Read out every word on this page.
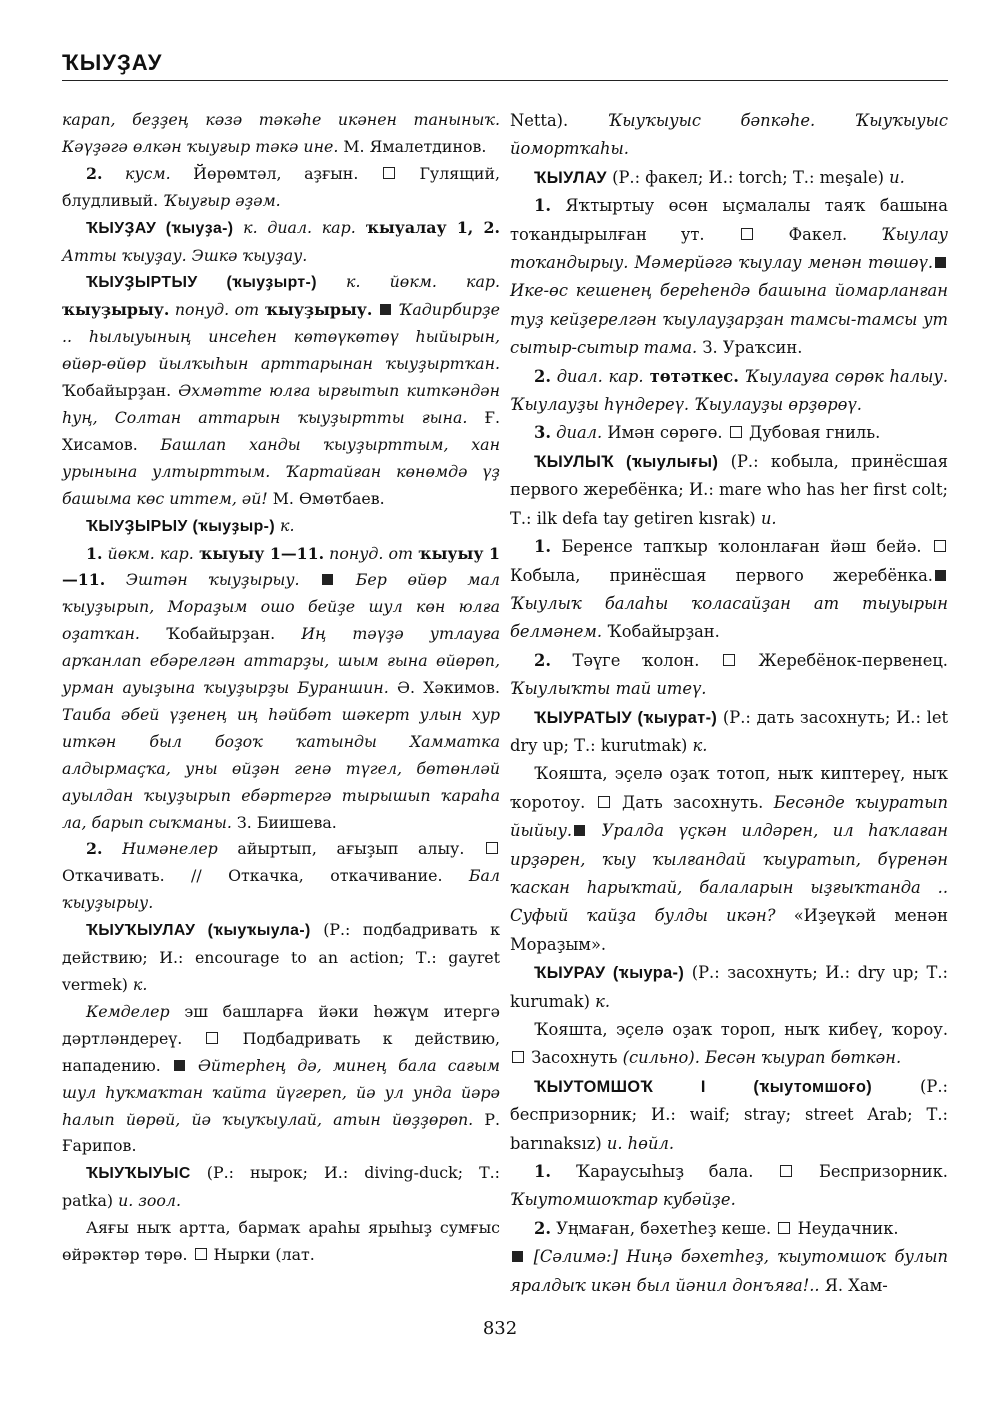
ҠЫУҘАУ

карап, беҙҙең кәзә тәкәһе икәнен таныныҡ. Кәүҙәгә өлкән ҡыуғыр тәкә ине. М. Ямалетдинов.

2. кусм. Йөрөмтәл, аҙғын.  Гулящий, блудливый. Ҡыуғыр әҙәм.

ҠЫУҘАУ (ҡыуҙа-) к. диал. кар. ҡыуалау 1, 2. Атты ҡыуҙау. Эшкә ҡыуҙау.

ҠЫУҘЫРТЫУ (ҡыуҙырт-) к. йөкм. кар. ҡыуҙырыу. понуд. от ҡыуҙырыу.  Ҡадирбирҙе .. һылыуының инсеһен көтөүкөтөү һыйырын, өйөр-өйөр йылҡыһын арттарынан ҡыуҙыртҡан. Ҡобайырҙан. Әхмәтте юлға ырғытып киткәндән һуң, Солтан аттарын ҡыуҙыртты ғына. Ғ. Хисамов. Башлап ханды ҡыуҙырттым, хан урынына ултырттым. Ҡартайған көнөмдә үҙ башыма көс иттем, әй! М. Өмөтбаев.

ҠЫУҘЫРЫУ (ҡыуҙыр-) к.

1. йөкм. кар. ҡыуыу 1—11. понуд. от ҡыуыу 1—11. Эштән ҡыуҙырыу.  Бер өйөр мал ҡыуҙырып, Мораҙым ошо бейҙе шул көн юлға оҙатҡан. Ҡобайырҙан. Иң тәүҙә утлауға арҡанлап ебәрелгән аттарҙы, шым ғына өйөрөп, урман ауыҙына ҡыуҙырҙы Бураншин. Ә. Хәкимов. Таиба әбей үҙенең иң һәйбәт шәкерт улын хур иткән был боҙоҡ ҡатынды Хамматка алдырмаҫҡа, уны өйҙән генә түгел, бөтөнләй ауылдан ҡыуҙырып ебәртергә тырышып ҡараһа ла, барып сыҡманы. З. Биишева.

2. Нимәнелер айыртып, ағыҙып алыу.  Откачивать. // Откачка, откачивание. Бал ҡыуҙырыу.

ҠЫУҠЫУЛАУ (ҡыуҡыула-) (Р.: подбадривать к действию; И.: encourage to an action; Т.: gayret vermek) к.

Кемделер эш башларға йәки һөжүм итергә дәртләндереү.  Подбадривать к действию, нападению.  Әйтерһең дә, минең бала сағым шул һуҡмаҡтан ҡайта йүгереп, йә ул унда йәрә һалып йөрөй, йә ҡыуҡыулай, атын йөҙҙөрөп. Р. Ғарипов.

ҠЫУҠЫУЫС (Р.: нырок; И.: diving-duck; Т.: patka) и. зоол.

Аяғы ныҡ артта, бармаҡ араһы ярыһыҙ сумғыс өйрәктәр төрө.  Нырки (лат.

Netta). Ҡыуҡыуыс бәпкәһе. Ҡыуҡыуыс йомортҡаһы.

ҠЫУЛАУ (Р.: факел; И.: torch; Т.: meşale) и.

1. Яҡтыртыу өсөн ыҫмалалы таяҡ башына тоҡандырылған ут.	Факел. Ҡыулау тоҡандырыу. Мәмерйәгә ҡыулау менән төшөү. Ике-өс кешенең береһендә башына йомарланған туҙ кейҙерелгән ҡыулауҙарҙан тамсы-тамсы ут сытыр-сытыр тама. З. Ураҡсин.

2. диал. кар. төтәткес. Ҡыулауға сөрөк һалыу. Ҡыулауҙы һүндереү. Ҡыулауҙы өрҙөрөү.

3. диал. Имән сөрөгө.  Дубовая гниль.

ҠЫУЛЫҠ (ҡыулығы) (Р.: кобыла, принёсшая первого жеребёнка; И.: mare who has her first colt; Т.: ilk defa tay getiren kısrak) и.

1. Беренсе тапҡыр ҡолонлаған йәш бейә.  Кобыла, принёсшая первого жеребёнка. Ҡыулыҡ балаһы ҡоласайҙан ат тыуырын белмәнем. Ҡобайырҙан.

2. Тәүге ҡолон.  Жеребёнок-первенец. Ҡыулыҡты тай итеү.

ҠЫУРАТЫУ (ҡыурат-) (Р.: дать засохнуть; И.: let dry up; Т.: kurutmak) к.

Ҡояшта, эҫелә оҙаҡ тотоп, ныҡ киптереү, ныҡ ҡоротоу.  Дать засохнуть. Бесәнде ҡыуратып йыйыу. Уралда үҫкән илдәрен, ил һаҡлаған ирҙәрен, ҡыу ҡылғандай ҡыуратып, бүренән ҡаскан һарыҡтай, балаларын ыҙғыҡтанда .. Суфый ҡайҙа булды икән? «Иҙеүкәй менән Мораҙым».

ҠЫУРАУ (ҡыура-) (Р.: засохнуть; И.: dry up; Т.: kurumak) к.

Ҡояшта, эҫелә оҙаҡ тороп, ныҡ кибеү, ҡороу.  Засохнуть (сильно). Бесән ҡыурап бөткән.

ҠЫУТОМШОҠ I (ҡыутомшоғо) (Р.: беспризорник; И.: waif; stray; street Arab; Т.: barınaksız) и. һөйл.

1. Ҡараусыһыҙ бала.	Беспризорник. Ҡыутомшоҡтар кубәйҙе.

2. Уңмаған, бәхетһеҙ кеше.  Неудачник.

[Сәлимә:] Ниңә бәхетһеҙ, ҡыутомшоҡ булып яралдыҡ икән был йәнил донъяға!.. Я. Хам-

832
